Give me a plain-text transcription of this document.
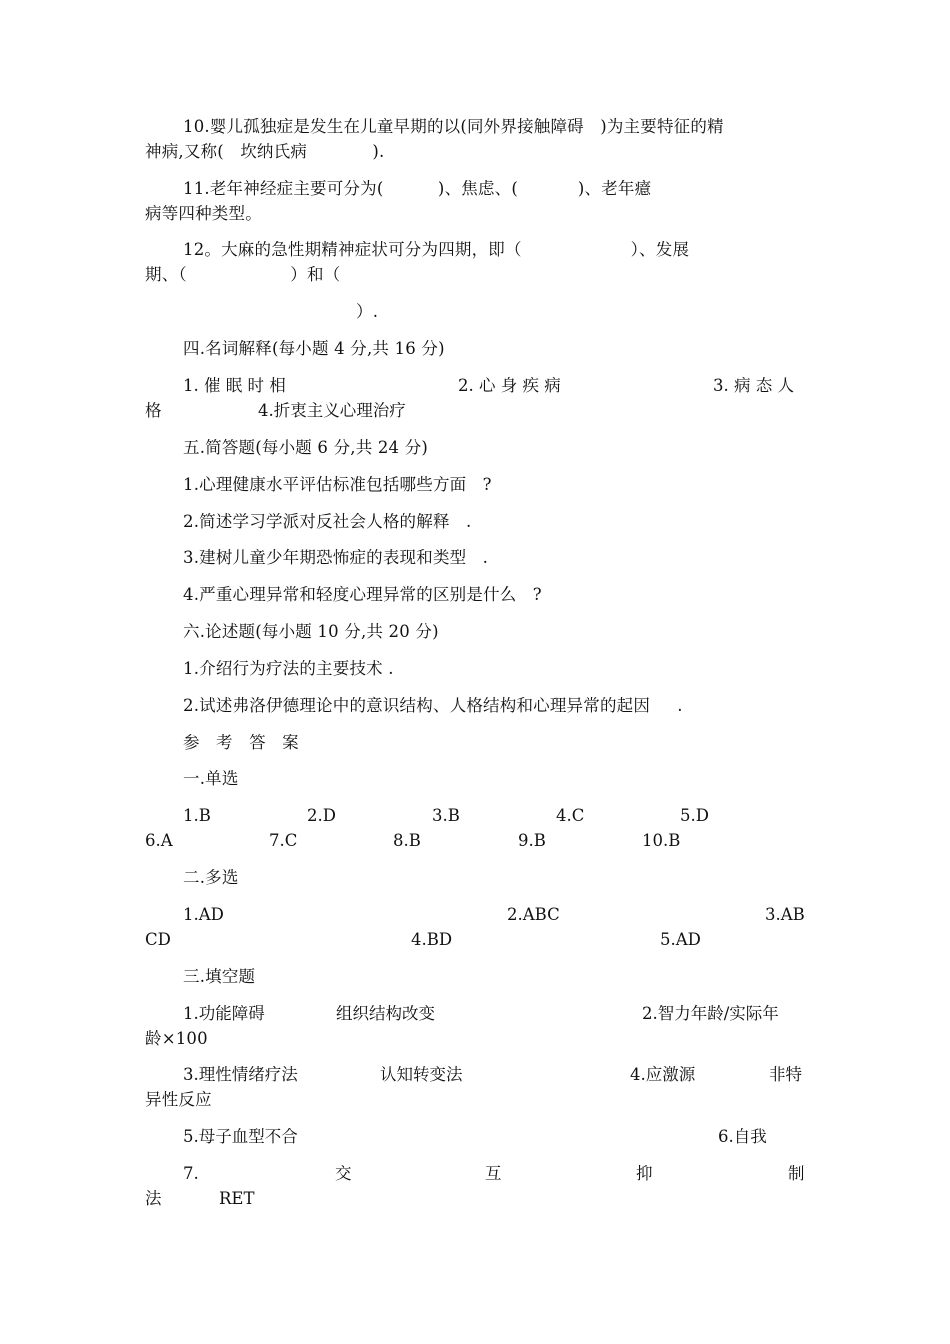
10.婴儿孤独症是发生在儿童早期的以(同外界接触障碍   )为主要特征的精
神病,又称(   坎纳氏病            ).
11.老年神经症主要可分为(          )、焦虑、(           )、老年癔
病等四种类型。
12。大麻的急性期精神症状可分为四期，即（                    ）、发展
期、（                   ）和（
）.
四.名词解释(每小题 4 分,共 16 分)

1. 催 眠 时 相

	2. 心 身 疾 病

	3. 病 态 人

格

	4.折衷主义心理治疗

五.简答题(每小题 6 分,共 24 分)
1.心理健康水平评估标准包括哪些方面   ?
2.简述学习学派对反社会人格的解释   .
3.建树儿童少年期恐怖症的表现和类型   .
4.严重心理异常和轻度心理异常的区别是什么   ?
六.论述题(每小题 10 分,共 20 分)
1.介绍行为疗法的主要技术 .
2.试述弗洛伊德理论中的意识结构、人格结构和心理异常的起因     .
参   考   答   案
一.单选

1.B

	2.D

	3.B

	4.C

	5.D

6.A

	7.C

	8.B

	9.B

	10.B

二.多选

1.AD

	2.ABC

	3.AB

CD

	4.BD

	5.AD

三.填空题

1.功能障碍

	组织结构改变

	2.智力年龄/实际年

龄×100

3.理性情绪疗法

	认知转变法

	4.应激源

	非特

异性反应

5.母子血型不合

	6.自我

7.

	交

	互

	抑

	制

法

	RET
